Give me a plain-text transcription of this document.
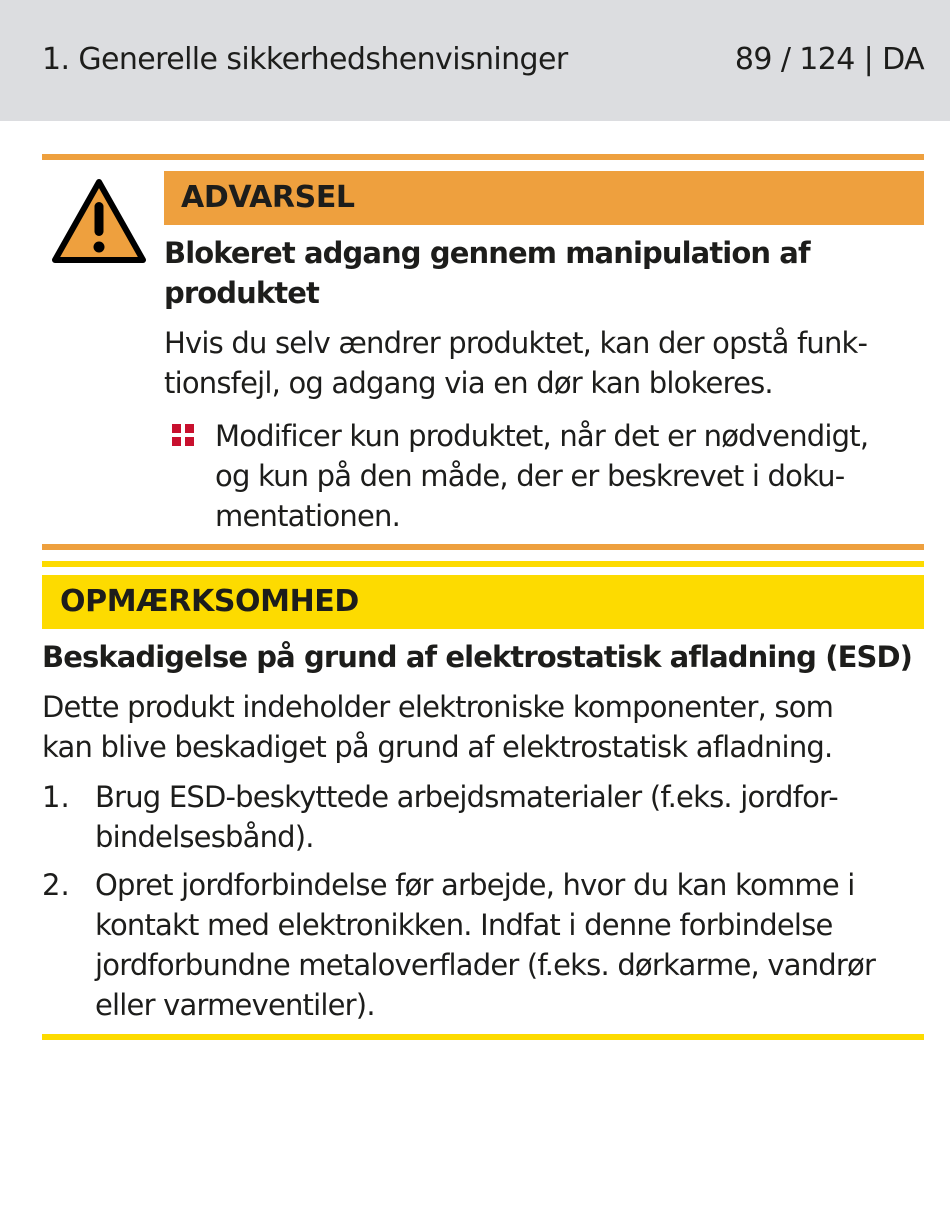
1. Generelle sikkerhedshenvisninger	89 / 124 | DA
ADVARSEL
Blokeret adgang gennem manipulation af
produktet
Hvis du selv ændrer produktet, kan der opstå funk-
tionsfejl, og adgang via en dør kan blokeres.
Modificer kun produktet, når det er nødvendigt,
og kun på den måde, der er beskrevet i doku-
mentationen.
OPMÆRKSOMHED
Beskadigelse på grund af elektrostatisk afladning (ESD)
Dette produkt indeholder elektroniske komponenter, som
kan blive beskadiget på grund af elektrostatisk afladning.
1. Brug ESD-beskyttede arbejdsmaterialer (f.eks. jordfor-
bindelsesbånd).
2. Opret jordforbindelse før arbejde, hvor du kan komme i
kontakt med elektronikken. Indfat i denne forbindelse
jordforbundne metaloverflader (f.eks. dørkarme, vandrør
eller varmeventiler).
